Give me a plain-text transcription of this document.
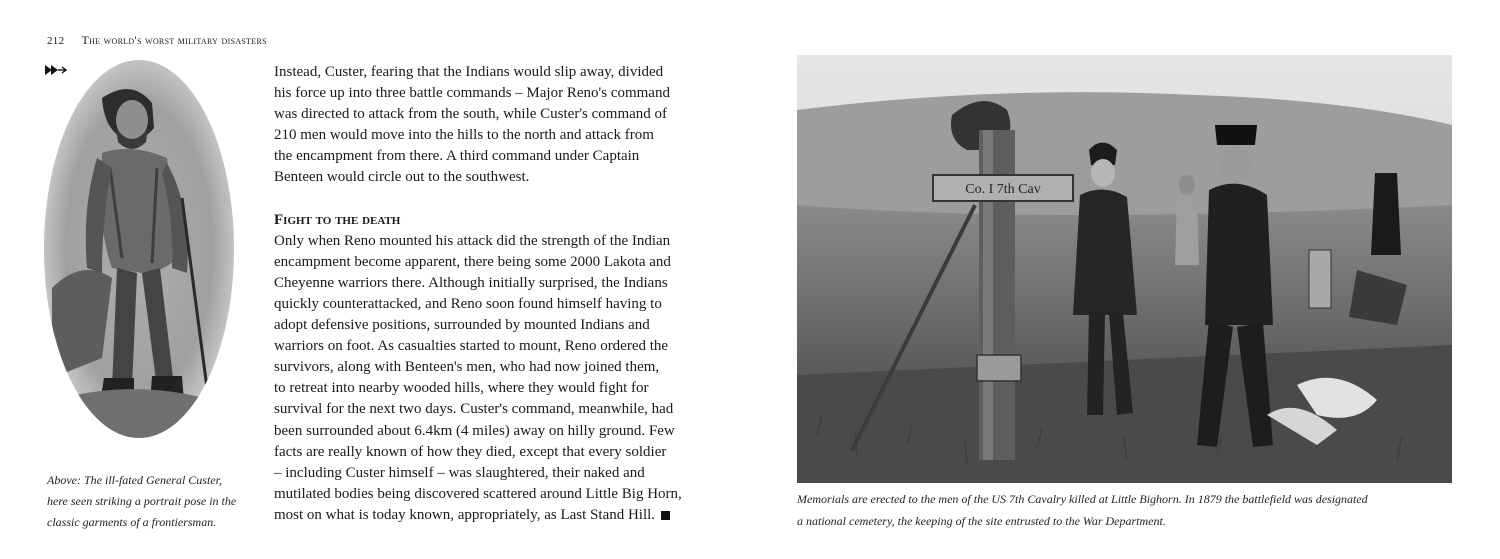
212 The world's worst military disasters
Above: The ill-fated General Custer,
here seen striking a portrait pose in the
classic garments of a frontiersman.
Instead, Custer, fearing that the Indians would slip away, divided
his force up into three battle commands – Major Reno's command
was directed to attack from the south, while Custer's command of
210 men would move into the hills to the north and attack from
the encampment from there. A third command under Captain
Benteen would circle out to the southwest.
Fight to the death
Only when Reno mounted his attack did the strength of the Indian
encampment become apparent, there being some 2000 Lakota and
Cheyenne warriors there. Although initially surprised, the Indians
quickly counterattacked, and Reno soon found himself having to
adopt defensive positions, surrounded by mounted Indians and
warriors on foot. As casualties started to mount, Reno ordered the
survivors, along with Benteen's men, who had now joined them,
to retreat into nearby wooded hills, where they would fight for
survival for the next two days. Custer's command, meanwhile, had
been surrounded about 6.4km (4 miles) away on hilly ground. Few
facts are really known of how they died, except that every soldier
– including Custer himself – was slaughtered, their naked and
mutilated bodies being discovered scattered around Little Big Horn,
most on what is today known, appropriately, as Last Stand Hill.
Co. I 7th Cav
Memorials are erected to the men of the US 7th Cavalry killed at Little Bighorn. In 1879 the battlefield was designated
a national cemetery, the keeping of the site entrusted to the War Department.
